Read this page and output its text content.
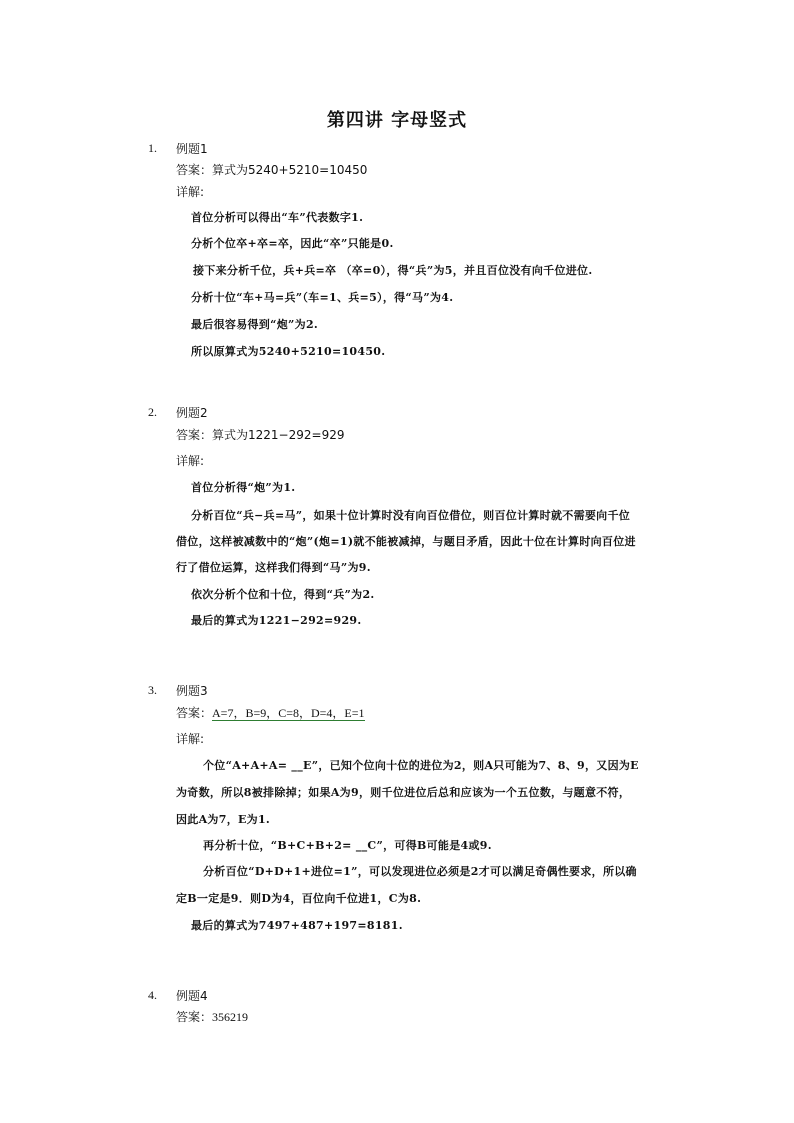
第四讲 字母竖式
1. 例题1
答案：算式为5240+5210=10450
详解:
首位分析可以得出“车”代表数字1.
分析个位卒+卒=卒，因此“卒”只能是0.
接下来分析千位，兵+兵=卒 （卒=0），得“兵”为5，并且百位没有向千位进位.
分析十位“车+马=兵”（车=1、兵=5），得“马”为4.
最后很容易得到“炮”为2.
所以原算式为5240+5210=10450.
2. 例题2
答案：算式为1221−292=929
详解:
首位分析得“炮”为1.
分析百位“兵−兵=马”，如果十位计算时没有向百位借位，则百位计算时就不需要向千位
借位，这样被减数中的“炮”(炮=1)就不能被减掉，与题目矛盾，因此十位在计算时向百位进
行了借位运算，这样我们得到“马”为9.
依次分析个位和十位，得到“兵”为2.
最后的算式为1221−292=929.
3. 例题3
答案：A=7，B=9，C=8，D=4，E=1
详解:
个位“A+A+A= __E”，已知个位向十位的进位为2，则A只可能为7、8、9，又因为E
为奇数，所以8被排除掉；如果A为9，则千位进位后总和应该为一个五位数，与题意不符，
因此A为7，E为1.
再分析十位，“B+C+B+2= __C”，可得B可能是4或9.
分析百位“D+D+1+进位=1”，可以发现进位必须是2才可以满足奇偶性要求，所以确
定B一定是9．则D为4，百位向千位进1，C为8.
最后的算式为7497+487+197=8181.
4. 例题4
答案：356219
